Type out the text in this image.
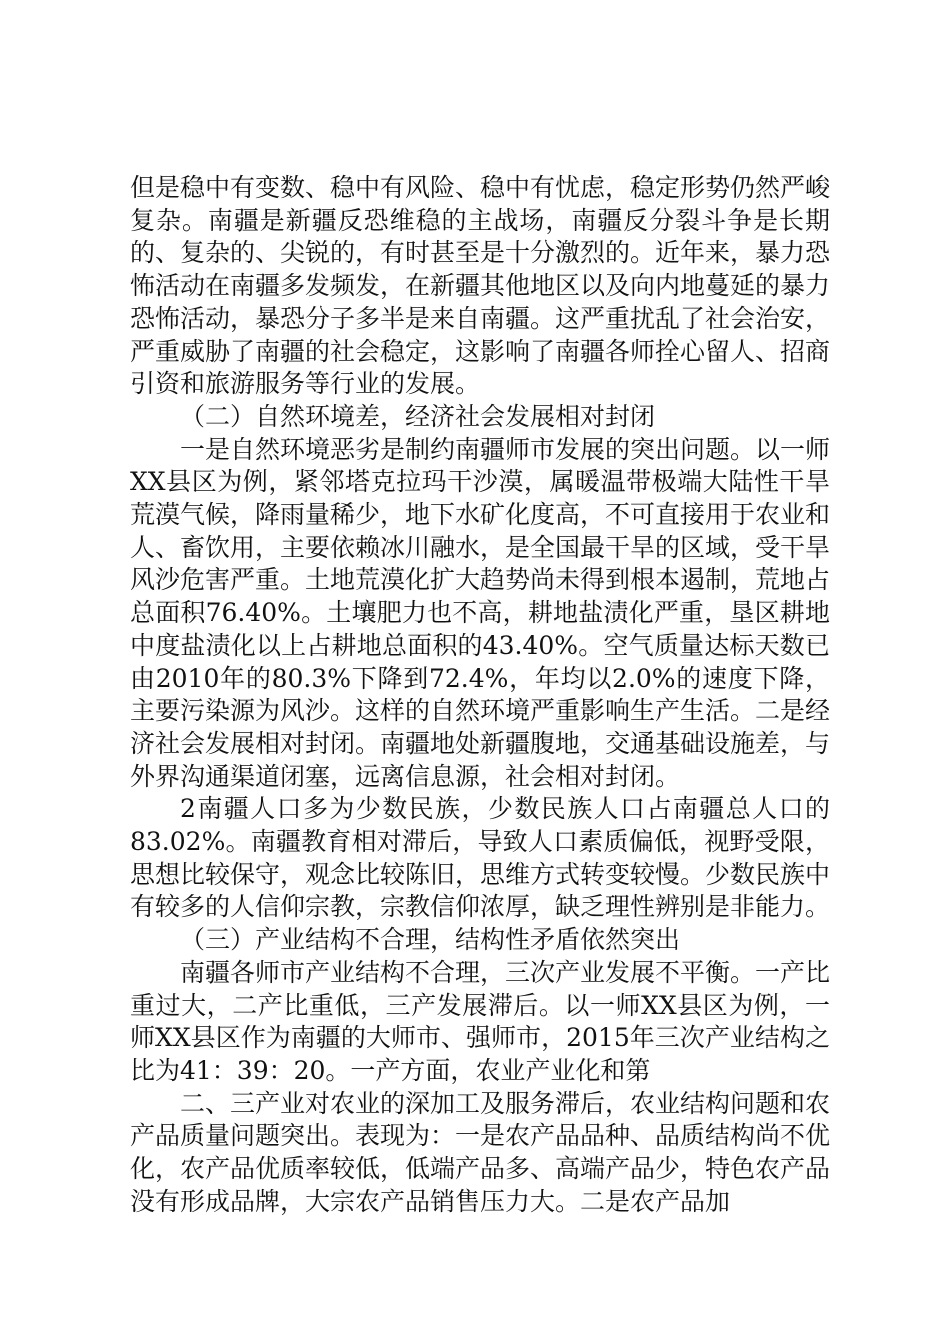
但是稳中有变数、稳中有风险、稳中有忧虑，稳定形势仍然严峻复杂。南疆是新疆反恐维稳的主战场，南疆反分裂斗争是长期的、复杂的、尖锐的，有时甚至是十分激烈的。近年来，暴力恐怖活动在南疆多发频发，在新疆其他地区以及向内地蔓延的暴力恐怖活动，暴恐分子多半是来自南疆。这严重扰乱了社会治安，严重威胁了南疆的社会稳定，这影响了南疆各师拴心留人、招商引资和旅游服务等行业的发展。

（二）自然环境差，经济社会发展相对封闭

一是自然环境恶劣是制约南疆师市发展的突出问题。以一师XX县区为例，紧邻塔克拉玛干沙漠，属暖温带极端大陆性干旱荒漠气候，降雨量稀少，地下水矿化度高，不可直接用于农业和人、畜饮用，主要依赖冰川融水，是全国最干旱的区域，受干旱风沙危害严重。土地荒漠化扩大趋势尚未得到根本遏制，荒地占总面积76.40%。土壤肥力也不高，耕地盐渍化严重，垦区耕地中度盐渍化以上占耕地总面积的43.40%。空气质量达标天数已由2010年的80.3%下降到72.4%，年均以2.0%的速度下降，主要污染源为风沙。这样的自然环境严重影响生产生活。二是经济社会发展相对封闭。南疆地处新疆腹地，交通基础设施差，与外界沟通渠道闭塞，远离信息源，社会相对封闭。

2南疆人口多为少数民族，少数民族人口占南疆总人口的83.02%。南疆教育相对滞后，导致人口素质偏低，视野受限，思想比较保守，观念比较陈旧，思维方式转变较慢。少数民族中有较多的人信仰宗教，宗教信仰浓厚，缺乏理性辨别是非能力。

（三）产业结构不合理，结构性矛盾依然突出

南疆各师市产业结构不合理，三次产业发展不平衡。一产比重过大，二产比重低，三产发展滞后。以一师XX县区为例，一师XX县区作为南疆的大师市、强师市，2015年三次产业结构之比为41：39：20。一产方面，农业产业化和第

二、三产业对农业的深加工及服务滞后，农业结构问题和农产品质量问题突出。表现为：一是农产品品种、品质结构尚不优化，农产品优质率较低，低端产品多、高端产品少，特色农产品没有形成品牌，大宗农产品销售压力大。二是农产品加
